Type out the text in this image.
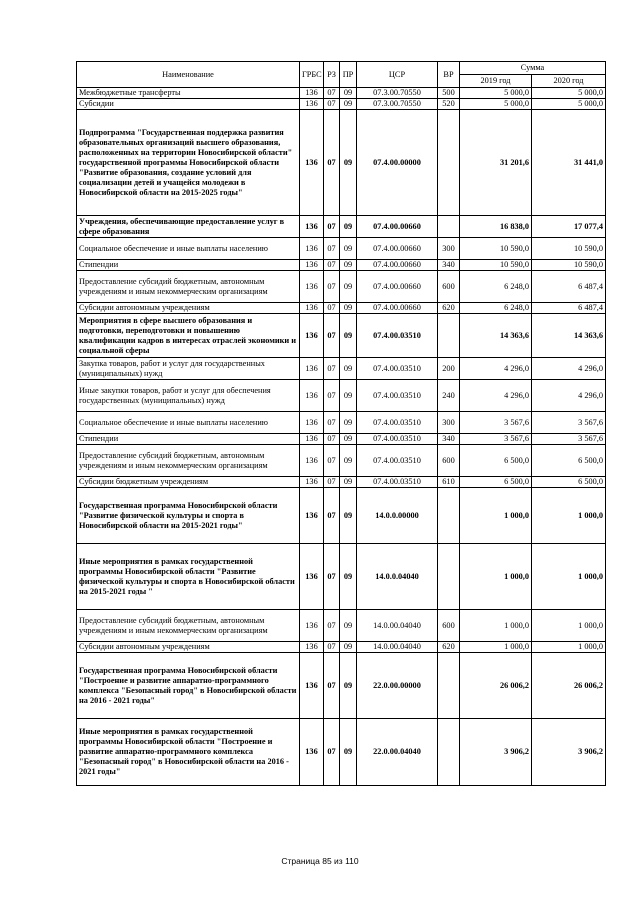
Наименование	ГРБС	РЗ	ПР	ЦСР	ВР	Сумма	
						2019 год	2020 год
Межбюджетные трансферты	136	07	09	07.3.00.70550	500	5 000,0	5 000,0
Субсидии	136	07	09	07.3.00.70550	520	5 000,0	5 000,0
Подпрограмма "Государственная поддержка развития образовательных организаций высшего образования, расположенных на территории Новосибирской области" государственной программы Новосибирской области "Развитие образования, создание условий для социализации детей и учащейся молодежи в Новосибирской области на 2015-2025 годы"	136	07	09	07.4.00.00000		31 201,6	31 441,0
Учреждения, обеспечивающие предоставление услуг в сфере образования	136	07	09	07.4.00.00660		16 838,0	17 077,4
Социальное обеспечение и иные выплаты населению	136	07	09	07.4.00.00660	300	10 590,0	10 590,0
Стипендии	136	07	09	07.4.00.00660	340	10 590,0	10 590,0
Предоставление субсидий бюджетным, автономным учреждениям и иным некоммерческим организациям	136	07	09	07.4.00.00660	600	6 248,0	6 487,4
Субсидии автономным учреждениям	136	07	09	07.4.00.00660	620	6 248,0	6 487,4
Мероприятия в сфере высшего образования и подготовки, переподготовки и повышению квалификации кадров в интересах отраслей экономики и социальной сферы	136	07	09	07.4.00.03510		14 363,6	14 363,6
Закупка товаров, работ и услуг для государственных (муниципальных) нужд	136	07	09	07.4.00.03510	200	4 296,0	4 296,0
Иные закупки товаров, работ и услуг для обеспечения государственных (муниципальных) нужд	136	07	09	07.4.00.03510	240	4 296,0	4 296,0
Социальное обеспечение и иные выплаты населению	136	07	09	07.4.00.03510	300	3 567,6	3 567,6
Стипендии	136	07	09	07.4.00.03510	340	3 567,6	3 567,6
Предоставление субсидий бюджетным, автономным учреждениям и иным некоммерческим организациям	136	07	09	07.4.00.03510	600	6 500,0	6 500,0
Субсидии бюджетным учреждениям	136	07	09	07.4.00.03510	610	6 500,0	6 500,0
Государственная программа Новосибирской области "Развитие физической культуры и спорта в Новосибирской области на 2015-2021 годы"	136	07	09	14.0.0.00000		1 000,0	1 000,0
Иные мероприятия в рамках государственной программы Новосибирской области "Развитие физической культуры и спорта в Новосибирской области на 2015-2021 годы "	136	07	09	14.0.0.04040		1 000,0	1 000,0
Предоставление субсидий бюджетным, автономным учреждениям и иным некоммерческим организациям	136	07	09	14.0.00.04040	600	1 000,0	1 000,0
Субсидии автономным учреждениям	136	07	09	14.0.00.04040	620	1 000,0	1 000,0
Государственная программа Новосибирской области "Построение и развитие аппаратно-программного комплекса "Безопасный город" в Новосибирской области на 2016 - 2021 годы"	136	07	09	22.0.00.00000		26 006,2	26 006,2
Иные мероприятия в рамках государственной программы Новосибирской области "Построение и развитие аппаратно-программного комплекса "Безопасный город" в Новосибирской области на 2016 - 2021 годы"	136	07	09	22.0.00.04040		3 906,2	3 906,2
Страница 85 из 110
